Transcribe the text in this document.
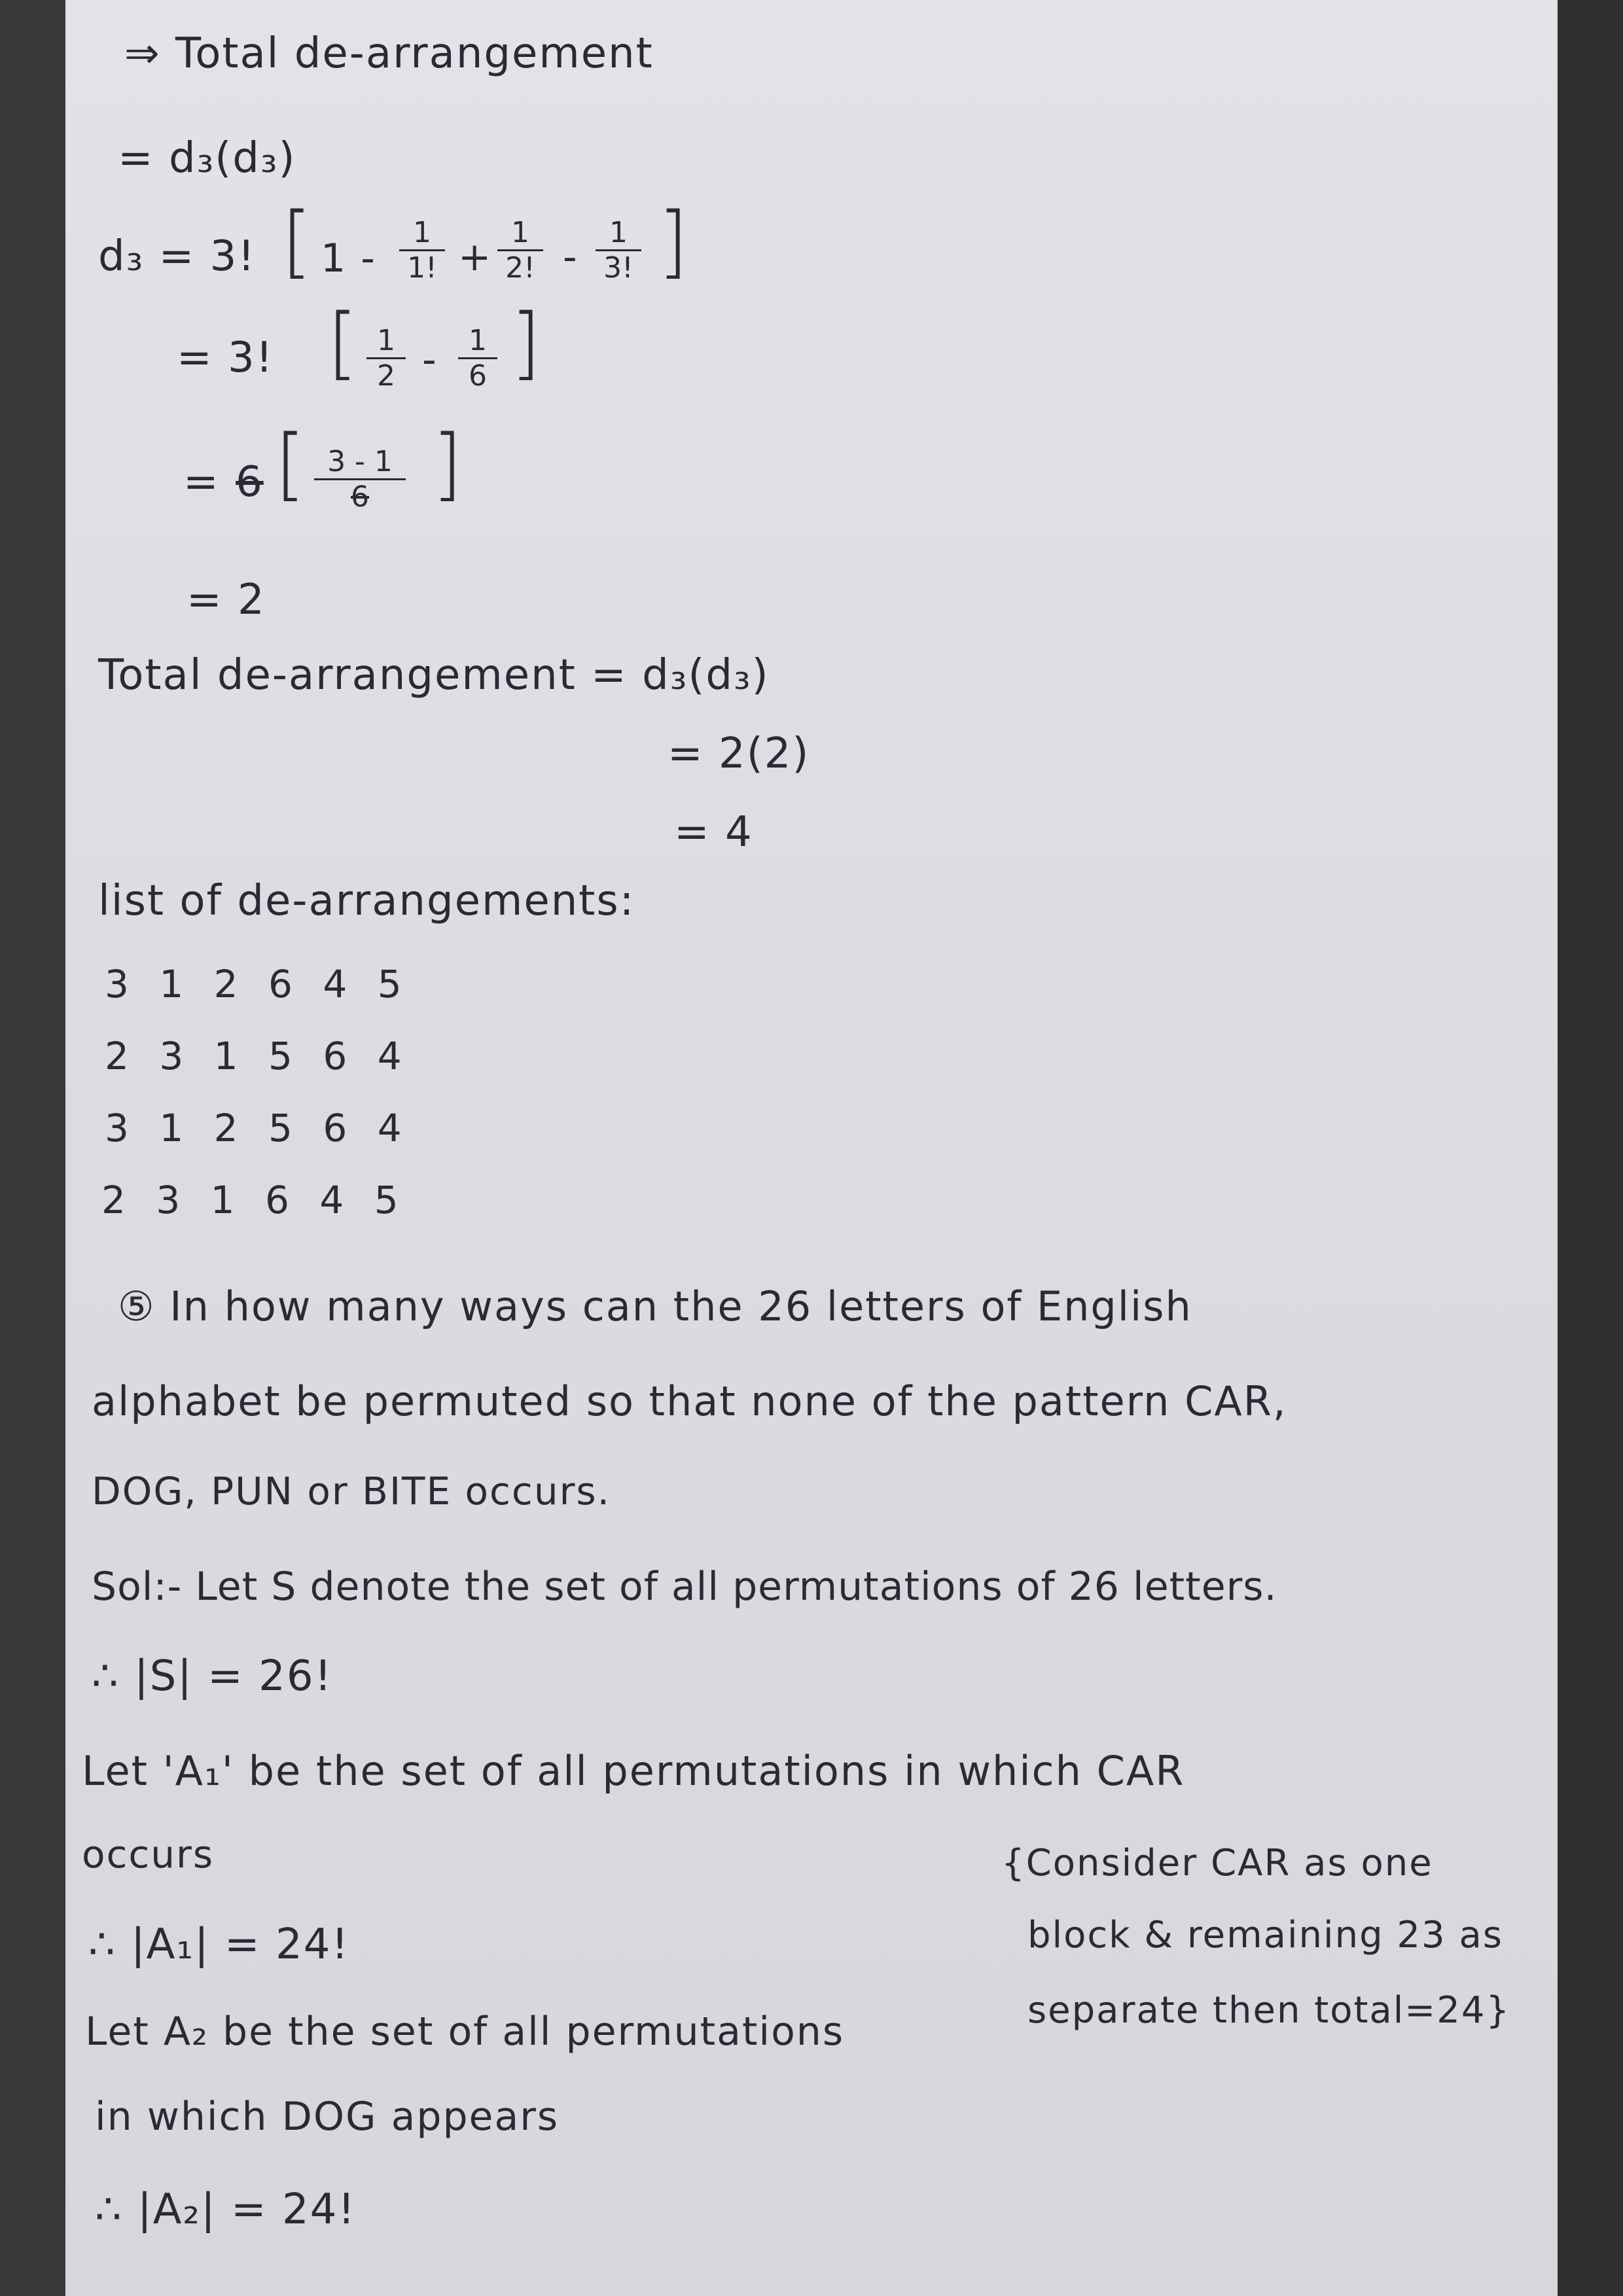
⇒ Total de-arrangement
= d₃(d₃)
d₃ = 3! [ $1 - \frac{1}{1!} + \frac{1}{2!} - \frac{1}{3!}$ ]
= 3! [ $\frac{1}{2} - \frac{1}{6}$ ]
= 6 [ $\frac{3 - 1}{6}$ ]
= 2
Total de-arrangement = d₃(d₃)
= 2(2)
= 4
list of de-arrangements:
3 1 2 6 4 5
2 3 1 5 6 4
3 1 2 5 6 4
2 3 1 6 4 5
⑤ In how many ways can the 26 letters of English
alphabet be permuted so that none of the pattern CAR,
DOG, PUN or BITE occurs.
Sol:- Let S denote the set of all permutations of 26 letters.
∴ |S| = 26!
Let 'A₁' be the set of all permutations in which CAR
occurs	{Consider CAR as one
∴ |A₁| = 24!	block & remaining 23 as
Let A₂ be the set of all permutations	separate then total=24}
in which DOG appears
∴ |A₂| = 24!
